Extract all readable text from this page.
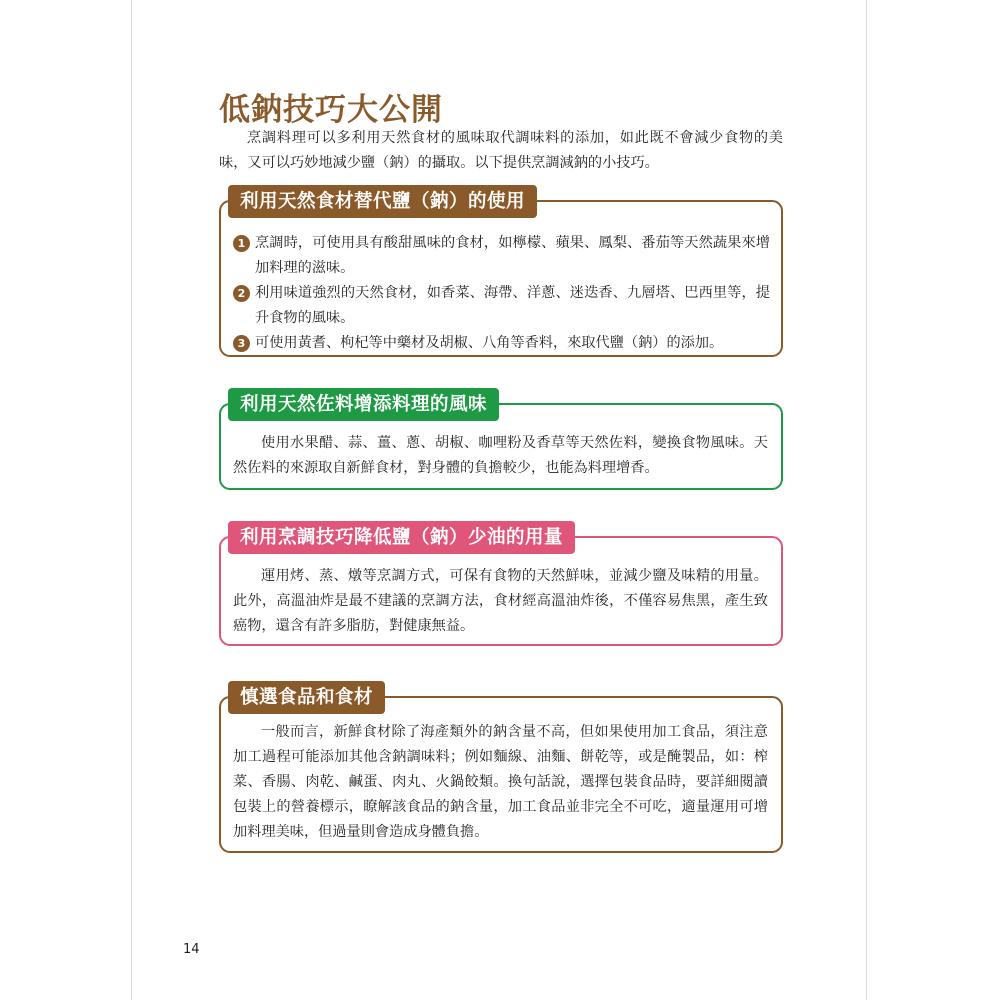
低鈉技巧大公開
烹調料理可以多利用天然食材的風味取代調味料的添加，如此既不會減少食物的美味，又可以巧妙地減少鹽（鈉）的攝取。以下提供烹調減鈉的小技巧。
利用天然食材替代鹽（鈉）的使用
1 烹調時，可使用具有酸甜風味的食材，如檸檬、蘋果、鳳梨、番茄等天然蔬果來增加料理的滋味。
2 利用味道強烈的天然食材，如香菜、海帶、洋蔥、迷迭香、九層塔、巴西里等，提升食物的風味。
3 可使用黃耆、枸杞等中藥材及胡椒、八角等香料，來取代鹽（鈉）的添加。
利用天然佐料增添料理的風味
使用水果醋、蒜、薑、蔥、胡椒、咖哩粉及香草等天然佐料，變換食物風味。天然佐料的來源取自新鮮食材，對身體的負擔較少，也能為料理增香。
利用烹調技巧降低鹽（鈉）少油的用量
運用烤、蒸、燉等烹調方式，可保有食物的天然鮮味，並減少鹽及味精的用量。此外，高溫油炸是最不建議的烹調方法，食材經高溫油炸後，不僅容易焦黑，產生致癌物，還含有許多脂肪，對健康無益。
慎選食品和食材
一般而言，新鮮食材除了海產類外的鈉含量不高，但如果使用加工食品，須注意加工過程可能添加其他含鈉調味料；例如麵線、油麵、餅乾等，或是醃製品，如：榨菜、香腸、肉乾、鹹蛋、肉丸、火鍋餃類。換句話說，選擇包裝食品時，要詳細閱讀包裝上的營養標示，瞭解該食品的鈉含量，加工食品並非完全不可吃，適量運用可增加料理美味，但過量則會造成身體負擔。
14
